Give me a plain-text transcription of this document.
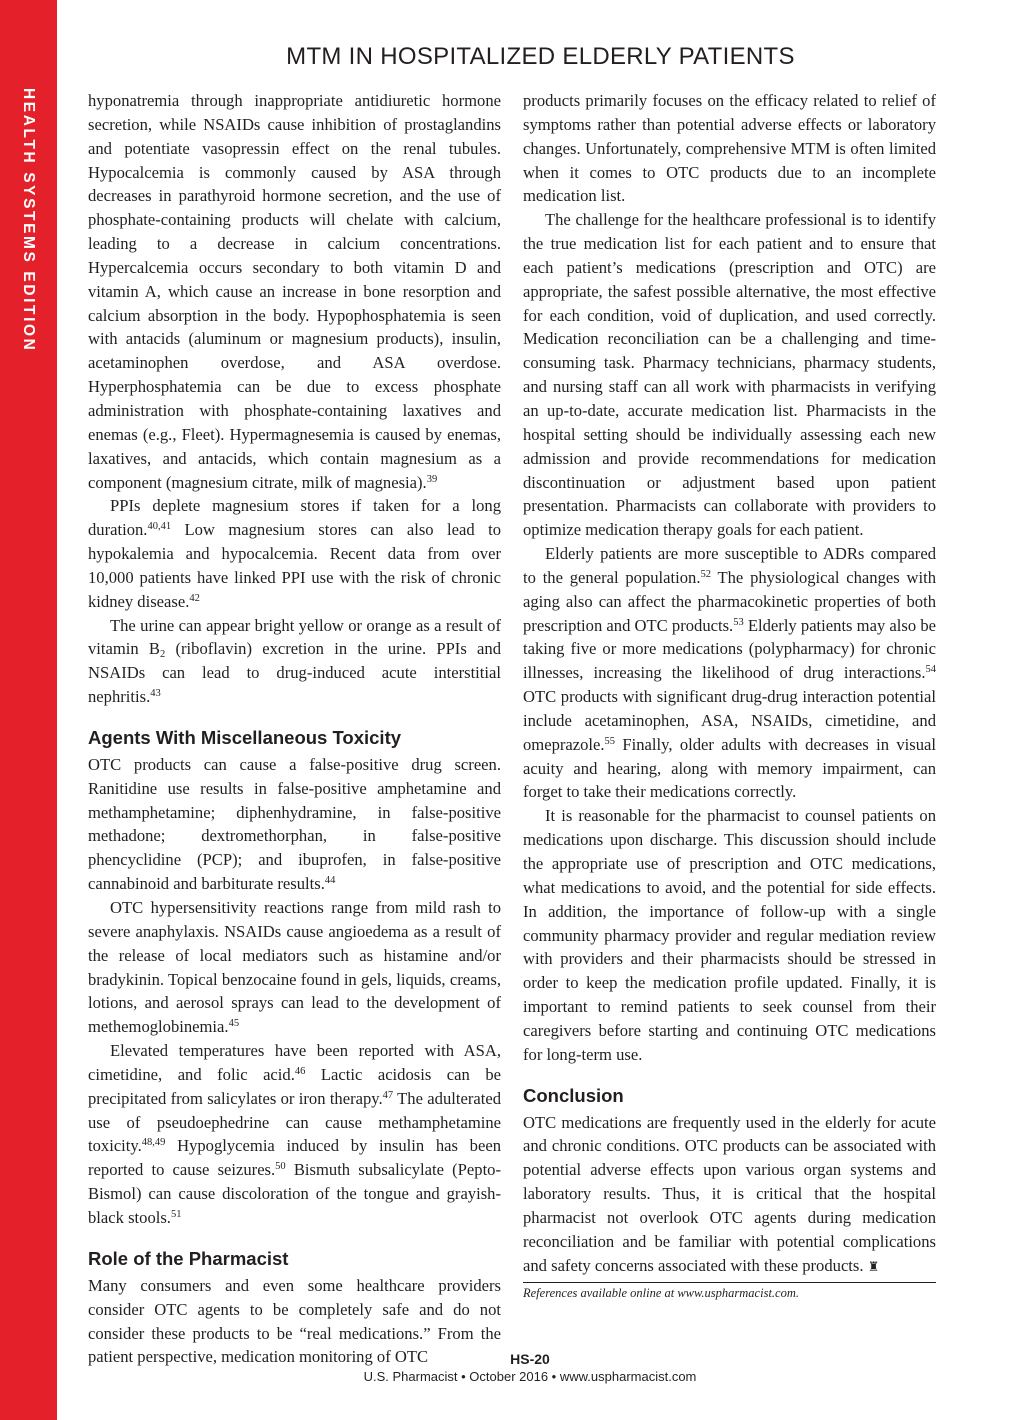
HEALTH SYSTEMS EDITION
MTM IN HOSPITALIZED ELDERLY PATIENTS

hyponatremia through inappropriate antidiuretic hormone secretion, while NSAIDs cause inhibition of prostaglandins and potentiate vasopressin effect on the renal tubules. Hypocalcemia is commonly caused by ASA through decreases in parathyroid hormone secretion, and the use of phosphate-containing products will chelate with calcium, leading to a decrease in calcium concentrations. Hypercalcemia occurs secondary to both vitamin D and vitamin A, which cause an increase in bone resorption and calcium absorption in the body. Hypophosphatemia is seen with antacids (aluminum or magnesium products), insulin, acetaminophen overdose, and ASA overdose. Hyperphosphatemia can be due to excess phosphate administration with phosphate-containing laxatives and enemas (e.g., Fleet). Hypermagnesemia is caused by enemas, laxatives, and antacids, which contain magnesium as a component (magnesium citrate, milk of magnesia).$^{39}$

PPIs deplete magnesium stores if taken for a long duration.$^{40,41}$ Low magnesium stores can also lead to hypokalemia and hypocalcemia. Recent data from over 10,000 patients have linked PPI use with the risk of chronic kidney disease.$^{42}$

The urine can appear bright yellow or orange as a result of vitamin $B_2$ (riboflavin) excretion in the urine. PPIs and NSAIDs can lead to drug-induced acute interstitial nephritis.$^{43}$

Agents With Miscellaneous Toxicity

OTC products can cause a false-positive drug screen. Ranitidine use results in false-positive amphetamine and methamphetamine; diphenhydramine, in false-positive methadone; dextromethorphan, in false-positive phencyclidine (PCP); and ibuprofen, in false-positive cannabinoid and barbiturate results.$^{44}$

OTC hypersensitivity reactions range from mild rash to severe anaphylaxis. NSAIDs cause angioedema as a result of the release of local mediators such as histamine and/or bradykinin. Topical benzocaine found in gels, liquids, creams, lotions, and aerosol sprays can lead to the development of methemoglobinemia.$^{45}$

Elevated temperatures have been reported with ASA, cimetidine, and folic acid.$^{46}$ Lactic acidosis can be precipitated from salicylates or iron therapy.$^{47}$ The adulterated use of pseudoephedrine can cause methamphetamine toxicity.$^{48,49}$ Hypoglycemia induced by insulin has been reported to cause seizures.$^{50}$ Bismuth subsalicylate (Pepto-Bismol) can cause discoloration of the tongue and grayish-black stools.$^{51}$

Role of the Pharmacist

Many consumers and even some healthcare providers consider OTC agents to be completely safe and do not consider these products to be “real medications.” From the patient perspective, medication monitoring of OTC

products primarily focuses on the efficacy related to relief of symptoms rather than potential adverse effects or laboratory changes. Unfortunately, comprehensive MTM is often limited when it comes to OTC products due to an incomplete medication list.

The challenge for the healthcare professional is to identify the true medication list for each patient and to ensure that each patient’s medications (prescription and OTC) are appropriate, the safest possible alternative, the most effective for each condition, void of duplication, and used correctly. Medication reconciliation can be a challenging and time-consuming task. Pharmacy technicians, pharmacy students, and nursing staff can all work with pharmacists in verifying an up-to-date, accurate medication list. Pharmacists in the hospital setting should be individually assessing each new admission and provide recommendations for medication discontinuation or adjustment based upon patient presentation. Pharmacists can collaborate with providers to optimize medication therapy goals for each patient.

Elderly patients are more susceptible to ADRs compared to the general population.$^{52}$ The physiological changes with aging also can affect the pharmacokinetic properties of both prescription and OTC products.$^{53}$ Elderly patients may also be taking five or more medications (polypharmacy) for chronic illnesses, increasing the likelihood of drug interactions.$^{54}$ OTC products with significant drug-drug interaction potential include acetaminophen, ASA, NSAIDs, cimetidine, and omeprazole.$^{55}$ Finally, older adults with decreases in visual acuity and hearing, along with memory impairment, can forget to take their medications correctly.

It is reasonable for the pharmacist to counsel patients on medications upon discharge. This discussion should include the appropriate use of prescription and OTC medications, what medications to avoid, and the potential for side effects. In addition, the importance of follow-up with a single community pharmacy provider and regular mediation review with providers and their pharmacists should be stressed in order to keep the medication profile updated. Finally, it is important to remind patients to seek counsel from their caregivers before starting and continuing OTC medications for long-term use.

Conclusion

OTC medications are frequently used in the elderly for acute and chronic conditions. OTC products can be associated with potential adverse effects upon various organ systems and laboratory results. Thus, it is critical that the hospital pharmacist not overlook OTC agents during medication reconciliation and be familiar with potential complications and safety concerns associated with these products. ♜

References available online at www.uspharmacist.com.
HS-20
U.S. Pharmacist • October 2016 • www.uspharmacist.com
